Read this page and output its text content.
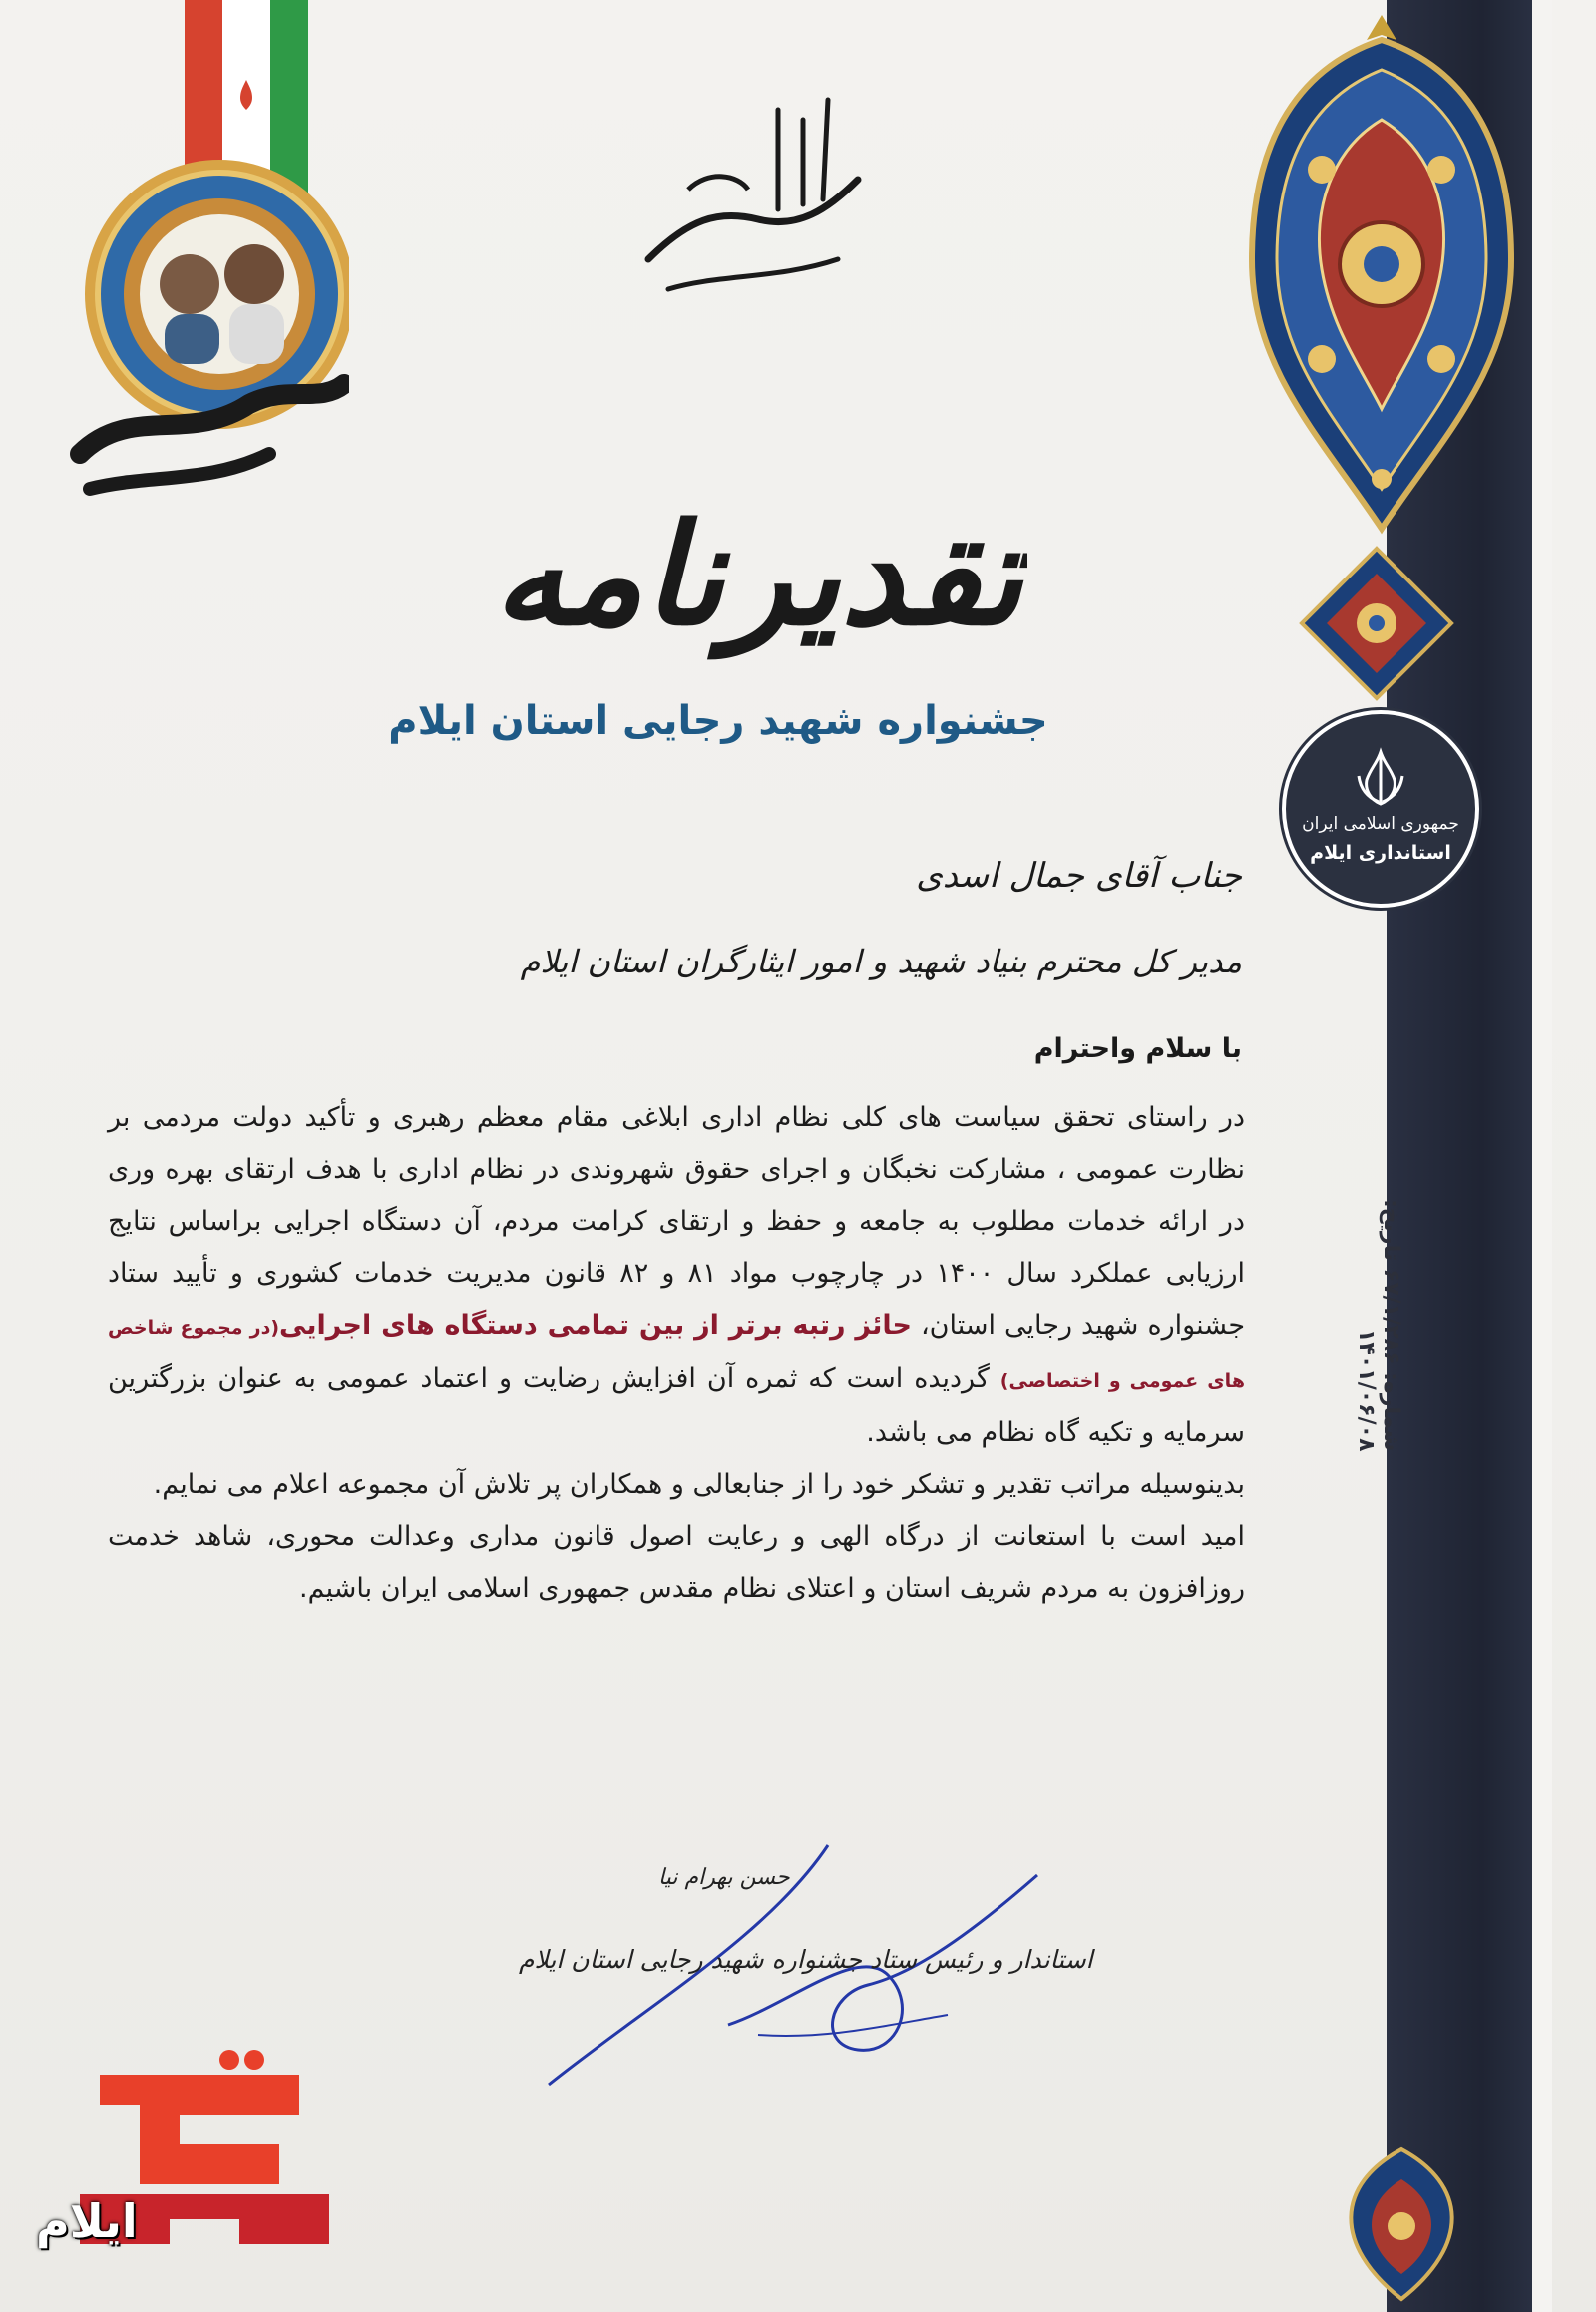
جمهوری اسلامی ایران
استانداری ایلام
شماره: ۶۷/۱/۲۸۶ تاریخ: ۱۴۰۱/۰۶/۰۸
تقدیرنامه
جشنواره شهید رجایی استان ایلام
جناب آقای جمال اسدی
مدیر کل محترم بنیاد شهید و امور ایثارگران استان ایلام
با سلام واحترام

در راستای تحقق سیاست های کلی نظام اداری ابلاغی مقام معظم رهبری و تأکید دولت مردمی بر نظارت عمومی ، مشارکت نخبگان و اجرای حقوق شهروندی در نظام اداری با هدف ارتقای بهره وری در ارائه خدمات مطلوب به جامعه و حفظ و ارتقای کرامت مردم، آن دستگاه اجرایی براساس نتایج ارزیابی عملکرد سال ۱۴۰۰ در چارچوب مواد ۸۱ و ۸۲ قانون مدیریت خدمات کشوری و تأیید ستاد جشنواره شهید رجایی استان، حائز رتبه برتر از بین تمامی دستگاه های اجرایی(در مجموع شاخص های عمومی و اختصاصی) گردیده است که ثمره آن افزایش رضایت و اعتماد عمومی به عنوان بزرگترین سرمایه و تکیه گاه نظام می باشد.

بدینوسیله مراتب تقدیر و تشکر خود را از جنابعالی و همکاران پر تلاش آن مجموعه اعلام می نمایم.

امید است با استعانت از درگاه الهی و رعایت اصول قانون مداری وعدالت محوری، شاهد خدمت روزافزون به مردم شریف استان و اعتلای نظام مقدس جمهوری اسلامی ایران باشیم.

حسن بهرام نیا
استاندار و رئیس ستاد جشنواره شهید رجایی استان ایلام
ایلام
